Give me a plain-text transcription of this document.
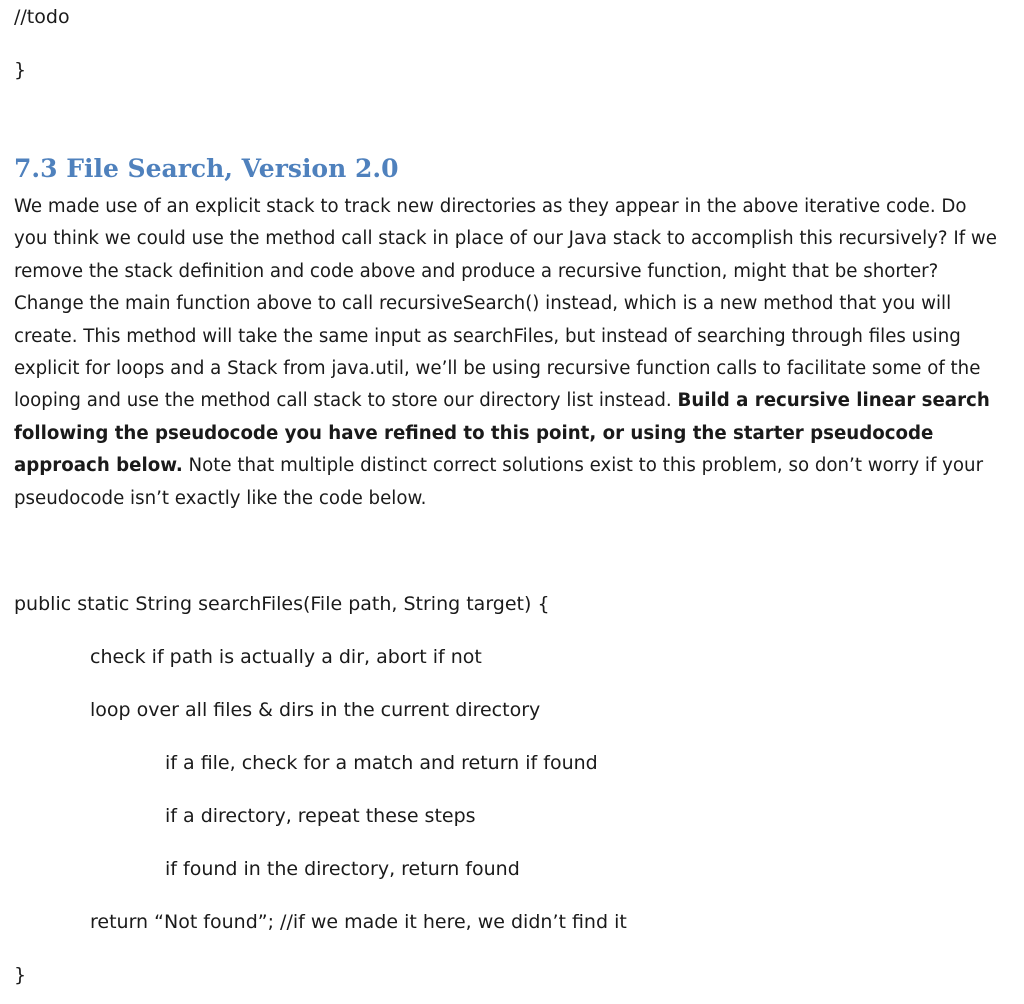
//todo
}
7.3 File Search, Version 2.0

We made use of an explicit stack to track new directories as they appear in the above iterative code. Do you think we could use the method call stack in place of our Java stack to accomplish this recursively? If we remove the stack definition and code above and produce a recursive function, might that be shorter? Change the main function above to call recursiveSearch() instead, which is a new method that you will create. This method will take the same input as searchFiles, but instead of searching through files using explicit for loops and a Stack from java.util, we’ll be using recursive function calls to facilitate some of the looping and use the method call stack to store our directory list instead. Build a recursive linear search following the pseudocode you have refined to this point, or using the starter pseudocode approach below. Note that multiple distinct correct solutions exist to this problem, so don’t worry if your pseudocode isn’t exactly like the code below.

public static String searchFiles(File path, String target) {
check if path is actually a dir, abort if not
loop over all files & dirs in the current directory
if a file, check for a match and return if found
if a directory, repeat these steps
if found in the directory, return found
return “Not found”; //if we made it here, we didn’t find it
}
